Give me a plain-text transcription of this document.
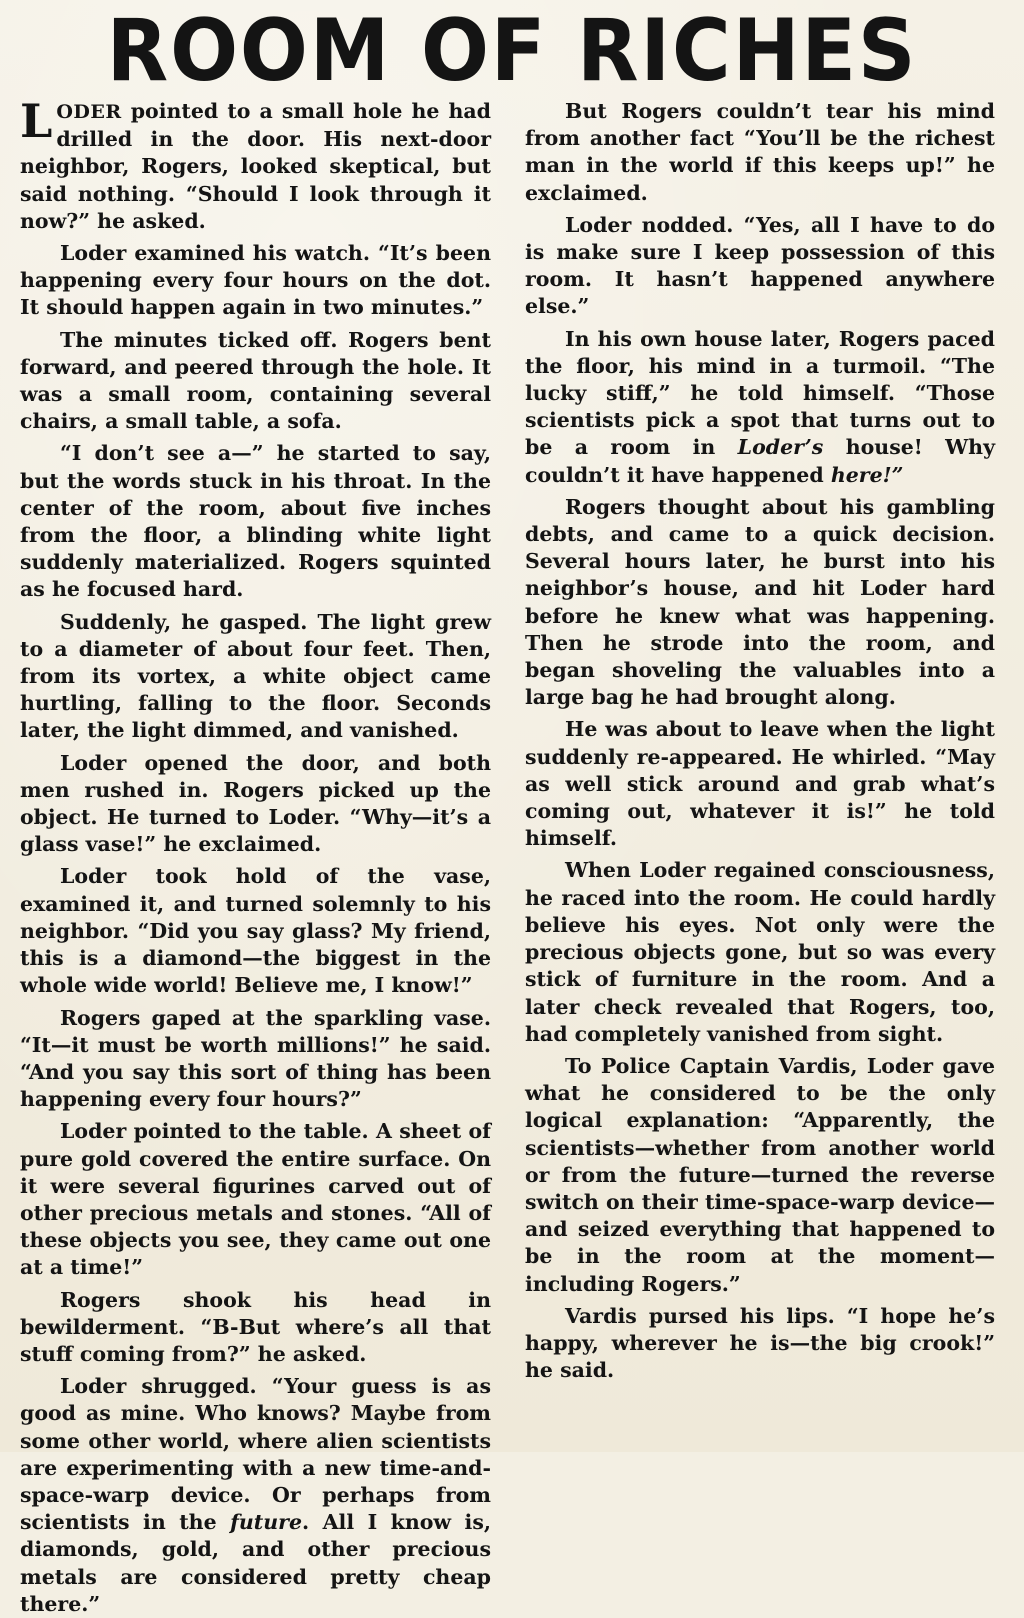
ROOM OF RICHES

LODER pointed to a small hole he had drilled in the door. His next-door neighbor, Rogers, looked skeptical, but said nothing. “Should I look through it now?” he asked.

Loder examined his watch. “It’s been happening every four hours on the dot. It should happen again in two minutes.”

The minutes ticked off. Rogers bent forward, and peered through the hole. It was a small room, containing several chairs, a small table, a sofa.

“I don’t see a—” he started to say, but the words stuck in his throat. In the center of the room, about five inches from the floor, a blinding white light suddenly materialized. Rogers squinted as he focused hard.

Suddenly, he gasped. The light grew to a diameter of about four feet. Then, from its vortex, a white object came hurtling, falling to the floor. Seconds later, the light dimmed, and vanished.

Loder opened the door, and both men rushed in. Rogers picked up the object. He turned to Loder. “Why—it’s a glass vase!” he exclaimed.

Loder took hold of the vase, examined it, and turned solemnly to his neighbor. “Did you say glass? My friend, this is a diamond—the biggest in the whole wide world! Believe me, I know!”

Rogers gaped at the sparkling vase. “It—it must be worth millions!” he said. “And you say this sort of thing has been happening every four hours?”

Loder pointed to the table. A sheet of pure gold covered the entire surface. On it were several figurines carved out of other precious metals and stones. “All of these objects you see, they came out one at a time!”

Rogers shook his head in bewilderment. “B-But where’s all that stuff coming from?” he asked.

Loder shrugged. “Your guess is as good as mine. Who knows? Maybe from some other world, where alien scientists are experimenting with a new time-and-space-warp device. Or perhaps from scientists in the future. All I know is, diamonds, gold, and other precious metals are considered pretty cheap there.”

But Rogers couldn’t tear his mind from another fact “You’ll be the richest man in the world if this keeps up!” he exclaimed.

Loder nodded. “Yes, all I have to do is make sure I keep possession of this room. It hasn’t happened anywhere else.”

In his own house later, Rogers paced the floor, his mind in a turmoil. “The lucky stiff,” he told himself. “Those scientists pick a spot that turns out to be a room in Loder’s house! Why couldn’t it have happened here!”

Rogers thought about his gambling debts, and came to a quick decision. Several hours later, he burst into his neighbor’s house, and hit Loder hard before he knew what was happening. Then he strode into the room, and began shoveling the valuables into a large bag he had brought along.

He was about to leave when the light suddenly re-appeared. He whirled. “May as well stick around and grab what’s coming out, whatever it is!” he told himself.

When Loder regained consciousness, he raced into the room. He could hardly believe his eyes. Not only were the precious objects gone, but so was every stick of furniture in the room. And a later check revealed that Rogers, too, had completely vanished from sight.

To Police Captain Vardis, Loder gave what he considered to be the only logical explanation: “Apparently, the scientists—whether from another world or from the future—turned the reverse switch on their time-space-warp device—and seized everything that happened to be in the room at the moment—including Rogers.”

Vardis pursed his lips. “I hope he’s happy, wherever he is—the big crook!” he said.
